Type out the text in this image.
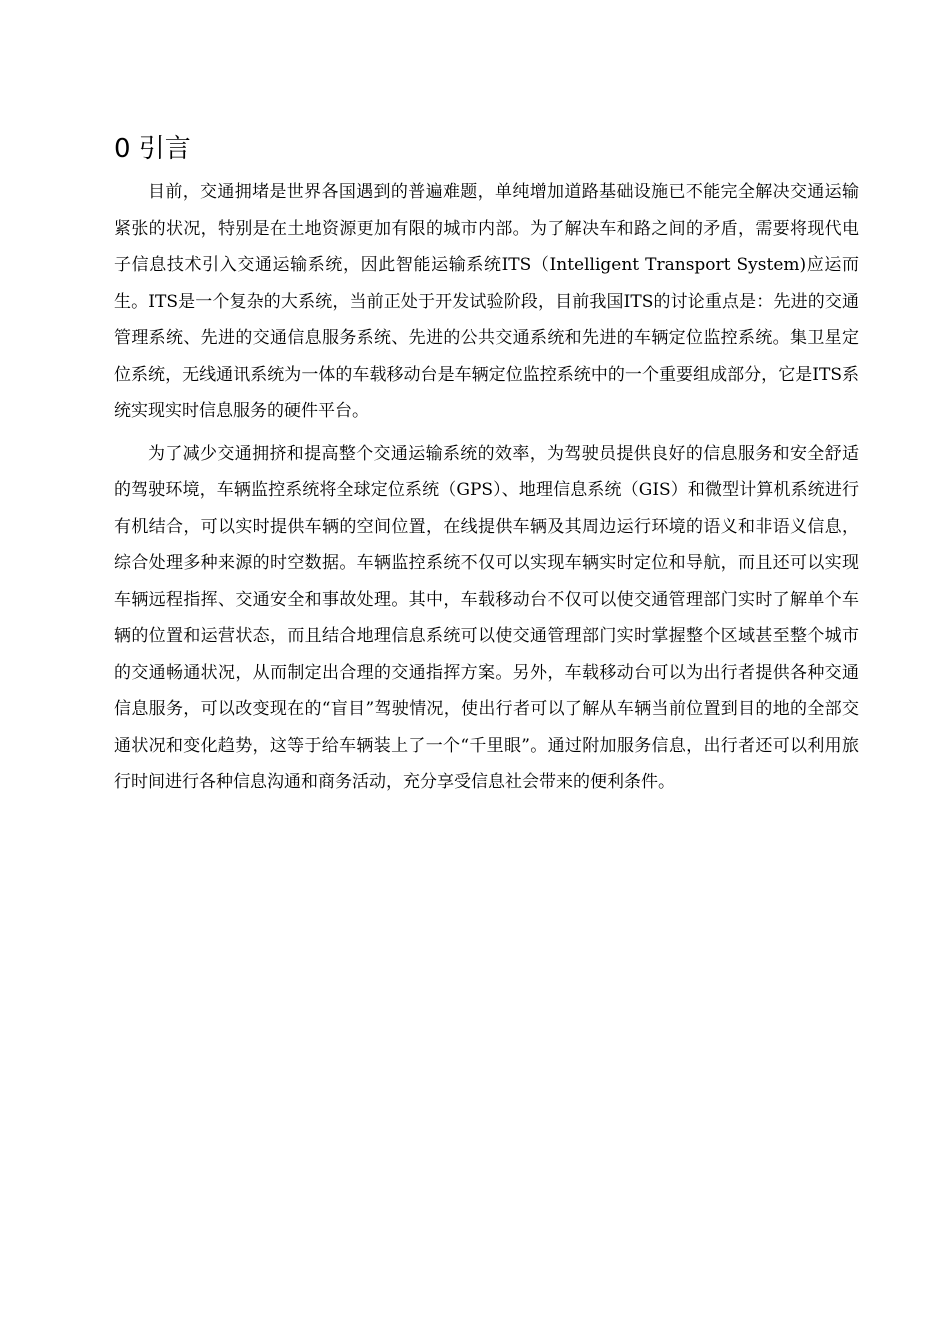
0 引言

目前，交通拥堵是世界各国遇到的普遍难题，单纯增加道路基础设施已不能完全解决交通运输紧张的状况，特别是在土地资源更加有限的城市内部。为了解决车和路之间的矛盾，需要将现代电子信息技术引入交通运输系统，因此智能运输系统ITS（Intelligent Transport System)应运而生。ITS是一个复杂的大系统，当前正处于开发试验阶段，目前我国ITS的讨论重点是：先进的交通管理系统、先进的交通信息服务系统、先进的公共交通系统和先进的车辆定位监控系统。集卫星定位系统，无线通讯系统为一体的车载移动台是车辆定位监控系统中的一个重要组成部分，它是ITS系统实现实时信息服务的硬件平台。

为了减少交通拥挤和提高整个交通运输系统的效率，为驾驶员提供良好的信息服务和安全舒适的驾驶环境，车辆监控系统将全球定位系统（GPS）、地理信息系统（GIS）和微型计算机系统进行有机结合，可以实时提供车辆的空间位置，在线提供车辆及其周边运行环境的语义和非语义信息，综合处理多种来源的时空数据。车辆监控系统不仅可以实现车辆实时定位和导航，而且还可以实现车辆远程指挥、交通安全和事故处理。其中，车载移动台不仅可以使交通管理部门实时了解单个车辆的位置和运营状态，而且结合地理信息系统可以使交通管理部门实时掌握整个区域甚至整个城市的交通畅通状况，从而制定出合理的交通指挥方案。另外，车载移动台可以为出行者提供各种交通信息服务，可以改变现在的“盲目”驾驶情况，使出行者可以了解从车辆当前位置到目的地的全部交通状况和变化趋势，这等于给车辆装上了一个“千里眼”。通过附加服务信息，出行者还可以利用旅行时间进行各种信息沟通和商务活动，充分享受信息社会带来的便利条件。
